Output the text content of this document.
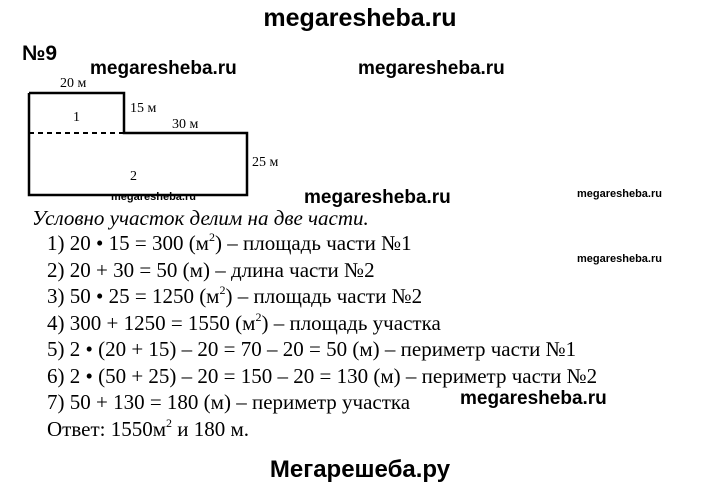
megaresheba.ru
№9
megaresheba.ru	megaresheba.ru
megaresheba.ru	megaresheba.ru
megaresheba.ru
megaresheba.ru
20 м
15 м
30 м
25 м
1
2
Условно участок делим на две части.
1) 20 • 15 = 300 $(м^2)$ – площадь части №1
2) 20 + 30 = 50 (м) – длина части №2
3) 50 • 25 = 1250 $(м^2)$ – площадь части №2
4) 300 + 1250 = 1550 $(м^2)$ – площадь участка
5) 2 • (20 + 15) – 20 = 70 – 20 = 50 (м) – периметр части №1
6) 2 • (50 + 25) – 20 = 150 – 20 = 130 (м) – периметр части №2
7) 50 + 130 = 180 (м) – периметр участка
Ответ: $1550м^2$ и 180 м.
megaresheba.ru
Мегарешеба.ру
